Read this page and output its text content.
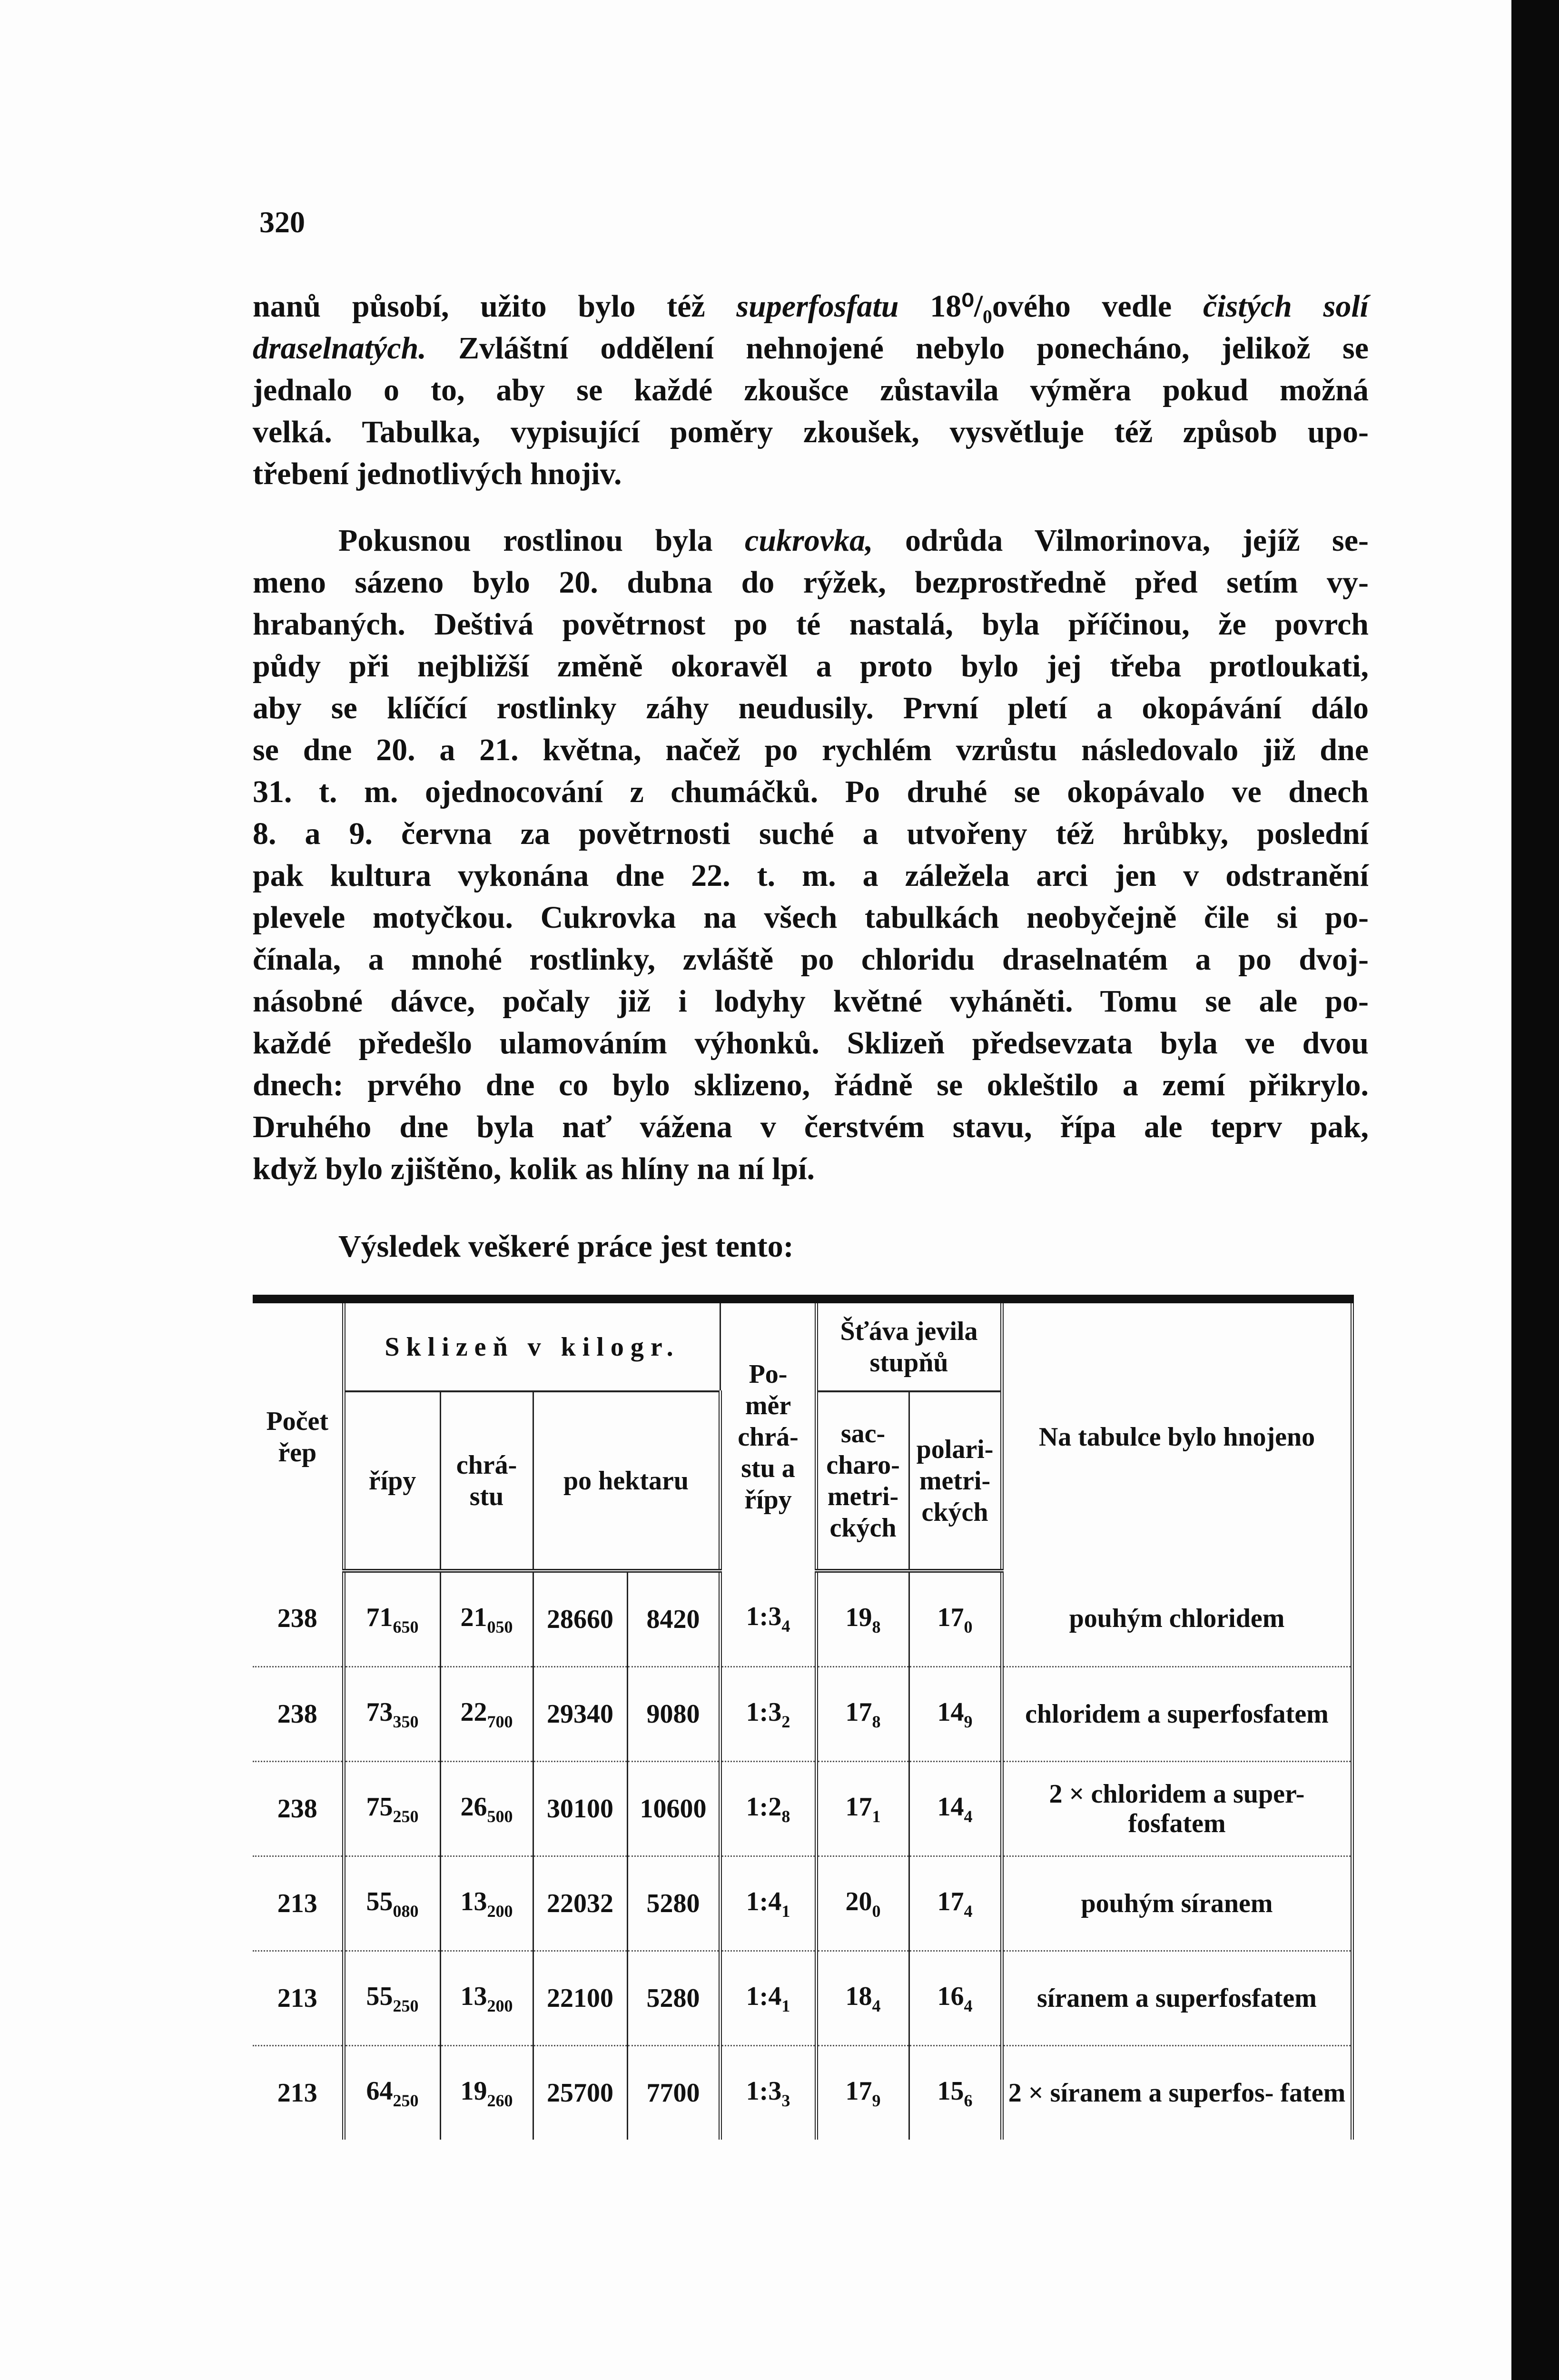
320
nanů působí, užito bylo též superfosfatu 18⁰/₀ového vedle čistých solí
draselnatých. Zvláštní oddělení nehnojené nebylo ponecháno, jelikož se
jednalo o to, aby se každé zkoušce zůstavila výměra pokud možná
velká. Tabulka, vypisující poměry zkoušek, vysvětluje též způsob upo-
třebení jednotlivých hnojiv.
Pokusnou rostlinou byla cukrovka, odrůda Vilmorinova, jejíž se-
meno sázeno bylo 20. dubna do rýžek, bezprostředně před setím vy-
hrabaných. Deštivá povětrnost po té nastalá, byla příčinou, že povrch
půdy při nejbližší změně okoravěl a proto bylo jej třeba protloukati,
aby se klíčící rostlinky záhy neudusily. První pletí a okopávání dálo
se dne 20. a 21. května, načež po rychlém vzrůstu následovalo již dne
31. t. m. ojednocování z chumáčků. Po druhé se okopávalo ve dnech
8. a 9. června za povětrnosti suché a utvořeny též hrůbky, poslední
pak kultura vykonána dne 22. t. m. a záležela arci jen v odstranění
plevele motyčkou. Cukrovka na všech tabulkách neobyčejně čile si po-
čínala, a mnohé rostlinky, zvláště po chloridu draselnatém a po dvoj-
násobné dávce, počaly již i lodyhy květné vyháněti. Tomu se ale po-
každé předešlo ulamováním výhonků. Sklizeň předsevzata byla ve dvou
dnech: prvého dne co bylo sklizeno, řádně se okleštilo a zemí přikrylo.
Druhého dne byla nať vážena v čerstvém stavu, řípa ale teprv pak,
když bylo zjištěno, kolik as hlíny na ní lpí.
Výsledek veškeré práce jest tento:
Počet řep	Sklizeň v kilogr.				Po- měr chrá- stu a řípy	Šťáva jevila stupňů		Na tabulce bylo hnojeno
	řípy	chrá- stu	po hektaru			sac- charo- metri- ckých	polari- metri- ckých	
238	$71_{650}$	$21_{050}$	28660	8420	$1:3_4$	$19_8$	$17_0$	pouhým chloridem
238	$73_{350}$	$22_{700}$	29340	9080	$1:3_2$	$17_8$	$14_9$	chloridem a superfosfatem
238	$75_{250}$	$26_{500}$	30100	10600	$1:2_8$	$17_1$	$14_4$	2 × chloridem a super- fosfatem
213	$55_{080}$	$13_{200}$	22032	5280	$1:4_1$	$20_0$	$17_4$	pouhým síranem
213	$55_{250}$	$13_{200}$	22100	5280	$1:4_1$	$18_4$	$16_4$	síranem a superfosfatem
213	$64_{250}$	$19_{260}$	25700	7700	$1:3_3$	$17_9$	$15_6$	2 × síranem a superfos- fatem
